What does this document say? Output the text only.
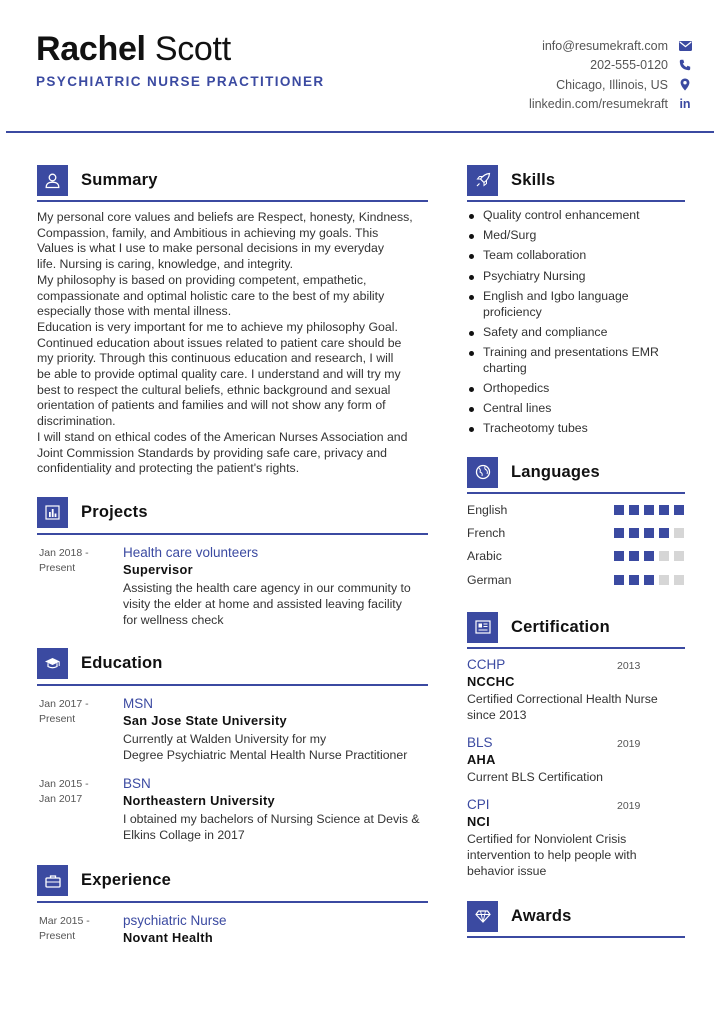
Rachel Scott
PSYCHIATRIC NURSE PRACTITIONER
info@resumekraft.com
202-555-0120
Chicago, Illinois, US
linkedin.com/resumekraft in
Summary

My personal core values and beliefs are Respect, honesty, Kindness,

Compassion, family, and Ambitious in achieving my goals. This

Values is what I use to make personal decisions in my everyday

life. Nursing is caring, knowledge, and integrity.

My philosophy is based on providing competent, empathetic,

compassionate and optimal holistic care to the best of my ability

especially those with mental illness.

Education is very important for me to achieve my philosophy Goal.

Continued education about issues related to patient care should be

my priority. Through this continuous education and research, I will

be able to provide optimal quality care. I understand and will try my

best to respect the cultural beliefs, ethnic background and sexual

orientation of patients and families and will not show any form of

discrimination.

I will stand on ethical codes of the American Nurses Association and

Joint Commission Standards by providing safe care, privacy and

confidentiality and protecting the patient's rights.

Projects
Jan 2018 -
Present
Health care volunteers
Supervisor
Assisting the health care agency in our community to
visity the elder at home and assisted leaving facility
for wellness check
Education
Jan 2017 -
Present
MSN
San Jose State University
Currently at Walden University for my
Degree Psychiatric Mental Health Nurse Practitioner
Jan 2015 -
Jan 2017
BSN
Northeastern University
I obtained my bachelors of Nursing Science at Devis &
Elkins Collage in 2017
Experience
Mar 2015 -
Present
psychiatric Nurse
Novant Health
Skills
Quality control enhancement
Med/Surg
Team collaboration
Psychiatry Nursing
English and Igbo language proficiency
Safety and compliance
Training and presentations EMR charting
Orthopedics
Central lines
Tracheotomy tubes
Languages
English
French
Arabic
German
Certification
CCHP	2013
NCCHC
Certified Correctional Health Nurse
since 2013
BLS	2019
AHA
Current BLS Certification
CPI	2019
NCI
Certified for Nonviolent Crisis
intervention to help people with
behavior issue
Awards
